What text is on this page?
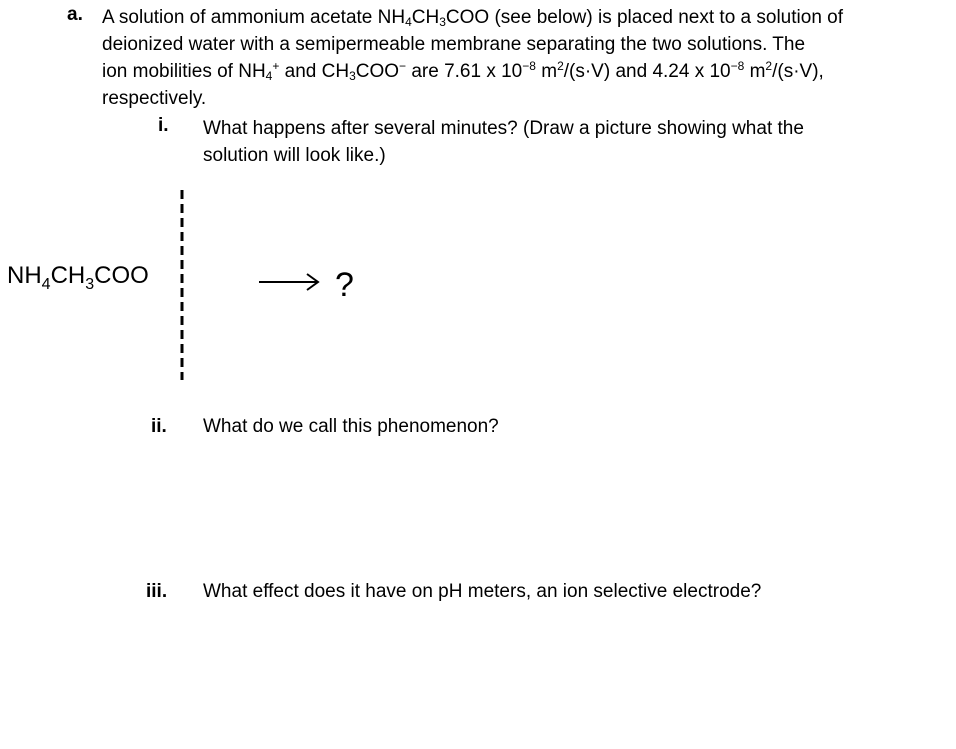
a. A solution of ammonium acetate $NH_4CH_3COO$ (see below) is placed next to a solution of
deionized water with a semipermeable membrane separating the two solutions. The
ion mobilities of $NH_4^+$ and $CH_3COO^-$ are 7.61 x $10^{-8}$ $m^2/(s\cdot V)$ and 4.24 x $10^{-8}$ $m^2/(s\cdot V)$,
respectively.
i. What happens after several minutes? (Draw a picture showing what the
solution will look like.)
$NH_4CH_3COO$	?
ii. What do we call this phenomenon?
iii. What effect does it have on pH meters, an ion selective electrode?
